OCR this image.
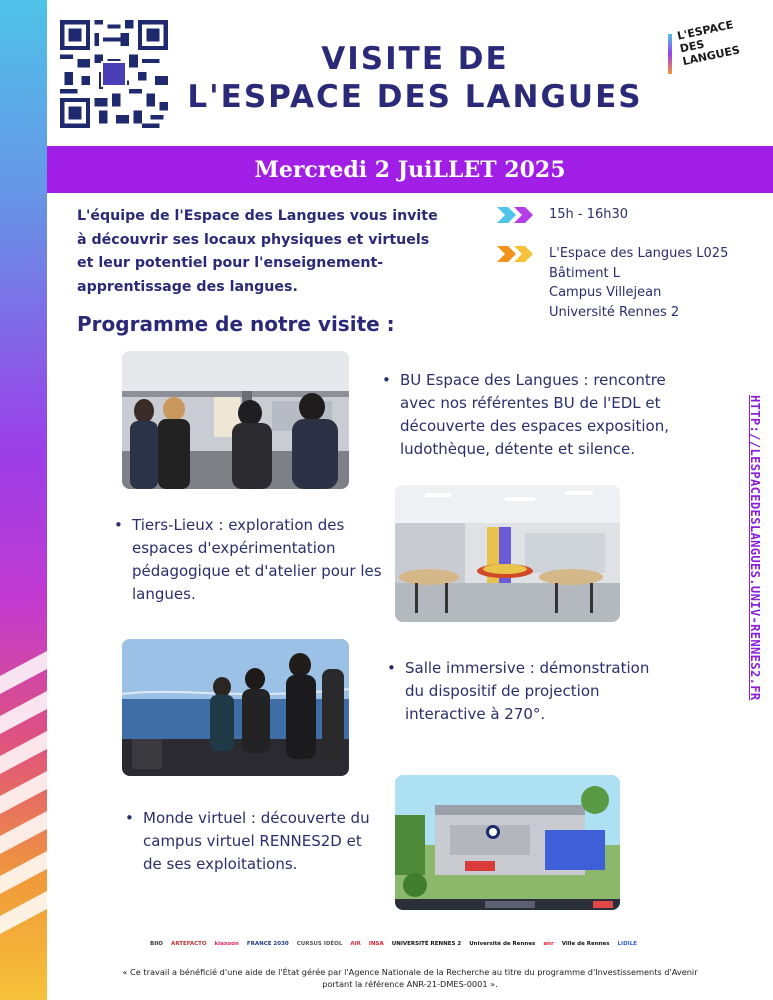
VISITE DE
L'ESPACE DES LANGUES
L'ESPACE DES LANGUES
Mercredi 2 JuiLLET 2025
L'équipe de l'Espace des Langues vous invite à découvrir ses locaux physiques et virtuels et leur potentiel pour l'enseignement-apprentissage des langues.
15h - 16h30
L'Espace des Langues L025
Bâtiment L
Campus Villejean
Université Rennes 2
Programme de notre visite :
• BU Espace des Langues : rencontre avec nos référentes BU de l'EDL et découverte des espaces exposition, ludothèque, détente et silence.
• Tiers-Lieux : exploration des espaces d'expérimentation pédagogique et d'atelier pour les langues.
• Salle immersive : démonstration du dispositif de projection interactive à 270°.
• Monde virtuel : découverte du campus virtuel RENNES2D et de ses exploitations.
HTTP://LESPACEDESLANGUES.UNIV-RENNES2.FR
BIIO ARTEFACTO klaxoon FRANCE 2030 CURSUS IDÉOL AIR INSA UNIVERSITÉ RENNES 2 Université de Rennes anr Ville de Rennes LIDILE
« Ce travail a bénéficié d'une aide de l'État gérée par l'Agence Nationale de la Recherche au titre du programme d'Investissements d'Avenir portant la référence ANR-21-DMES-0001 ».
